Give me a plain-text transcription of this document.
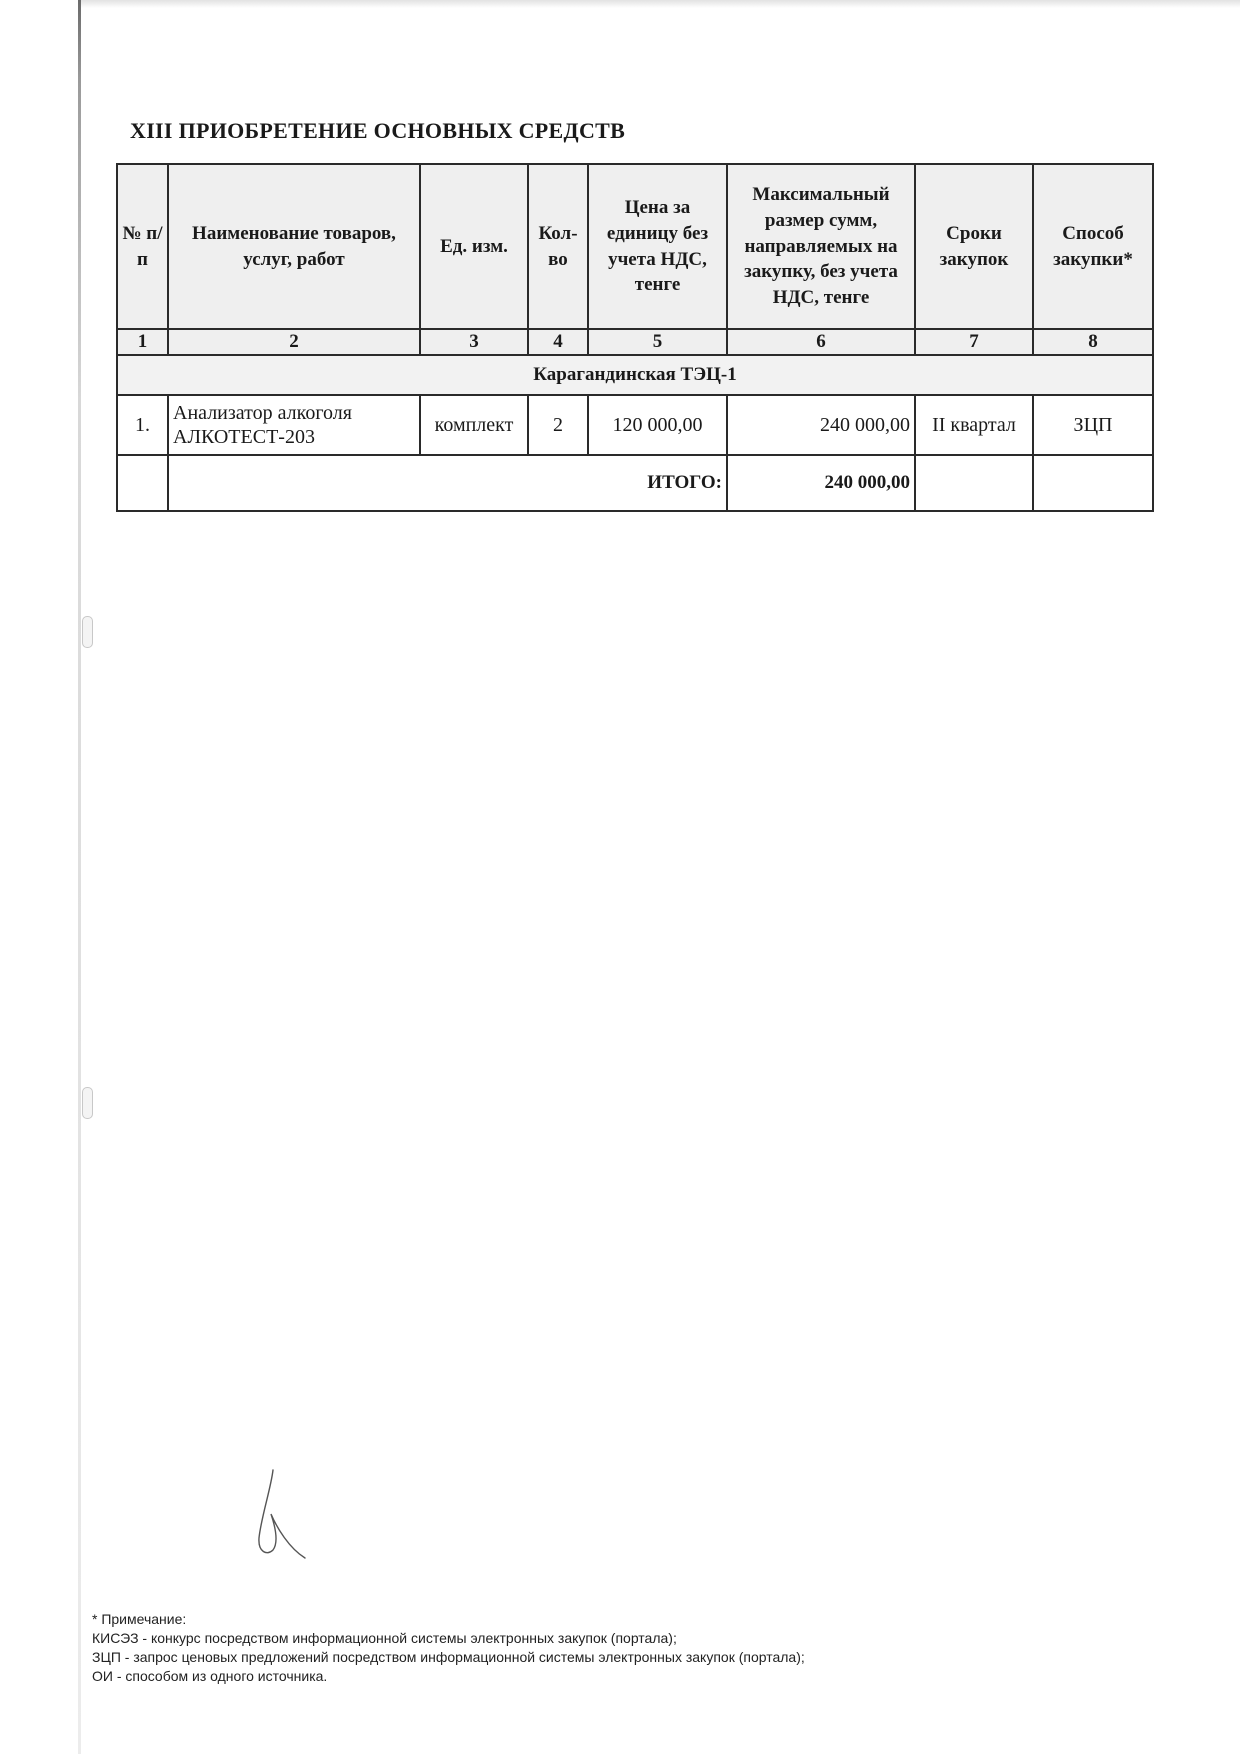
XIII ПРИОБРЕТЕНИЕ ОСНОВНЫХ СРЕДСТВ
№ п/п	Наименование товаров, услуг, работ	Ед. изм.	Кол-во	Цена за единицу без учета НДС, тенге	Максимальный размер сумм, направляемых на закупку, без учета НДС, тенге	Сроки закупок	Способ закупки*
1	2	3	4	5	6	7	8
Карагандинская ТЭЦ-1							
1.	Анализатор алкоголя АЛКОТЕСТ-203	комплект	2	120 000,00	240 000,00	II квартал	ЗЦП
	ИТОГО:				240 000,00		
* Примечание:
КИСЭЗ - конкурс посредством информационной системы электронных закупок (портала);
ЗЦП - запрос ценовых предложений посредством информационной системы электронных закупок (портала);
ОИ - способом из одного источника.
